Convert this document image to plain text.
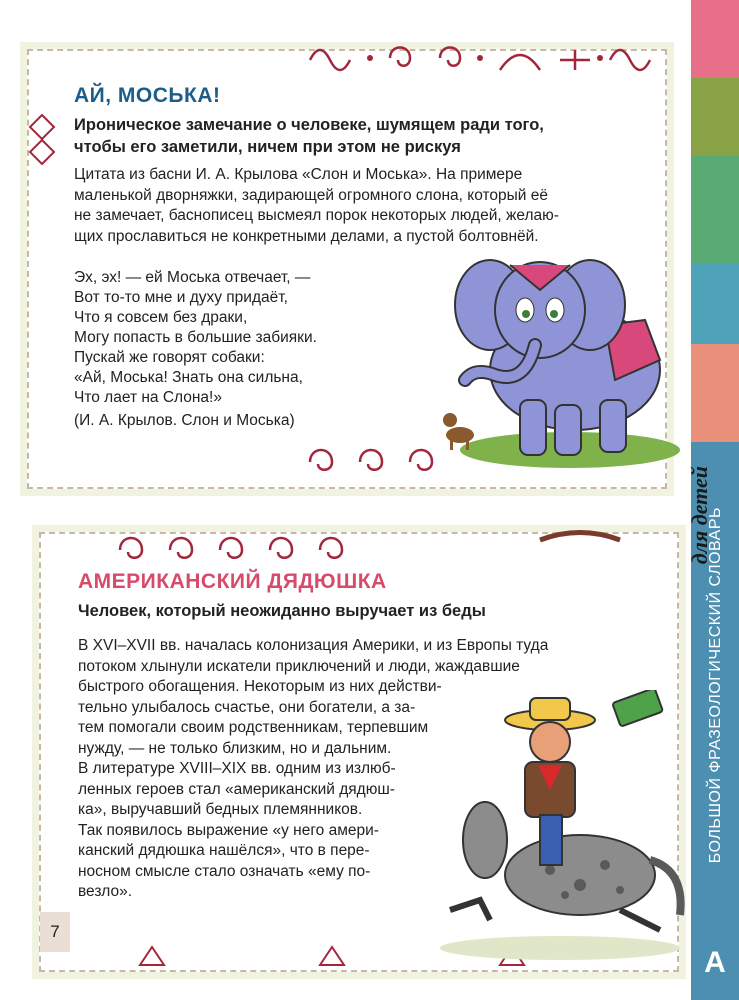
БОЛЬШОЙ ФРАЗЕОЛОГИЧЕСКИЙ СЛОВАРЬ
А
для детей
АЙ, МОСЬКА!

Ироническое замечание о человеке, шумящем ради того,
чтобы его заметили, ничем при этом не рискуя

Цитата из басни И. А. Крылова «Слон и Моська». На примере
маленькой дворняжки, задирающей огромного слона, который её
не замечает, баснописец высмеял порок некоторых людей, желаю-
щих прославиться не конкретными делами, а пустой болтовнёй.

Эх, эх! — ей Моська отвечает, —
Вот то-то мне и духу придаёт,
Что я совсем без драки,
Могу попасть в большие забияки.
Пускай же говорят собаки:
«Ай, Моська! Знать она сильна,
Что лает на Слона!»

(И. А. Крылов. Слон и Моська)

АМЕРИКАНСКИЙ ДЯДЮШКА

Человек, который неожиданно выручает из беды

В XVI–XVII вв. началась колонизация Америки, и из Европы туда
потоком хлынули искатели приключений и люди, жаждавшие
быстрого обогащения. Некоторым из них действи-
тельно улыбалось счастье, они богатели, а за-
тем помогали своим родственникам, терпевшим
нужду, — не только близким, но и дальним.
В литературе XVIII–XIX вв. одним из излюб-
ленных героев стал «американский дядюш-
ка», выручавший бедных племянников.
Так появилось выражение «у него амери-
канский дядюшка нашёлся», что в пере-
носном смысле стало означать «ему по-
везло».

7
